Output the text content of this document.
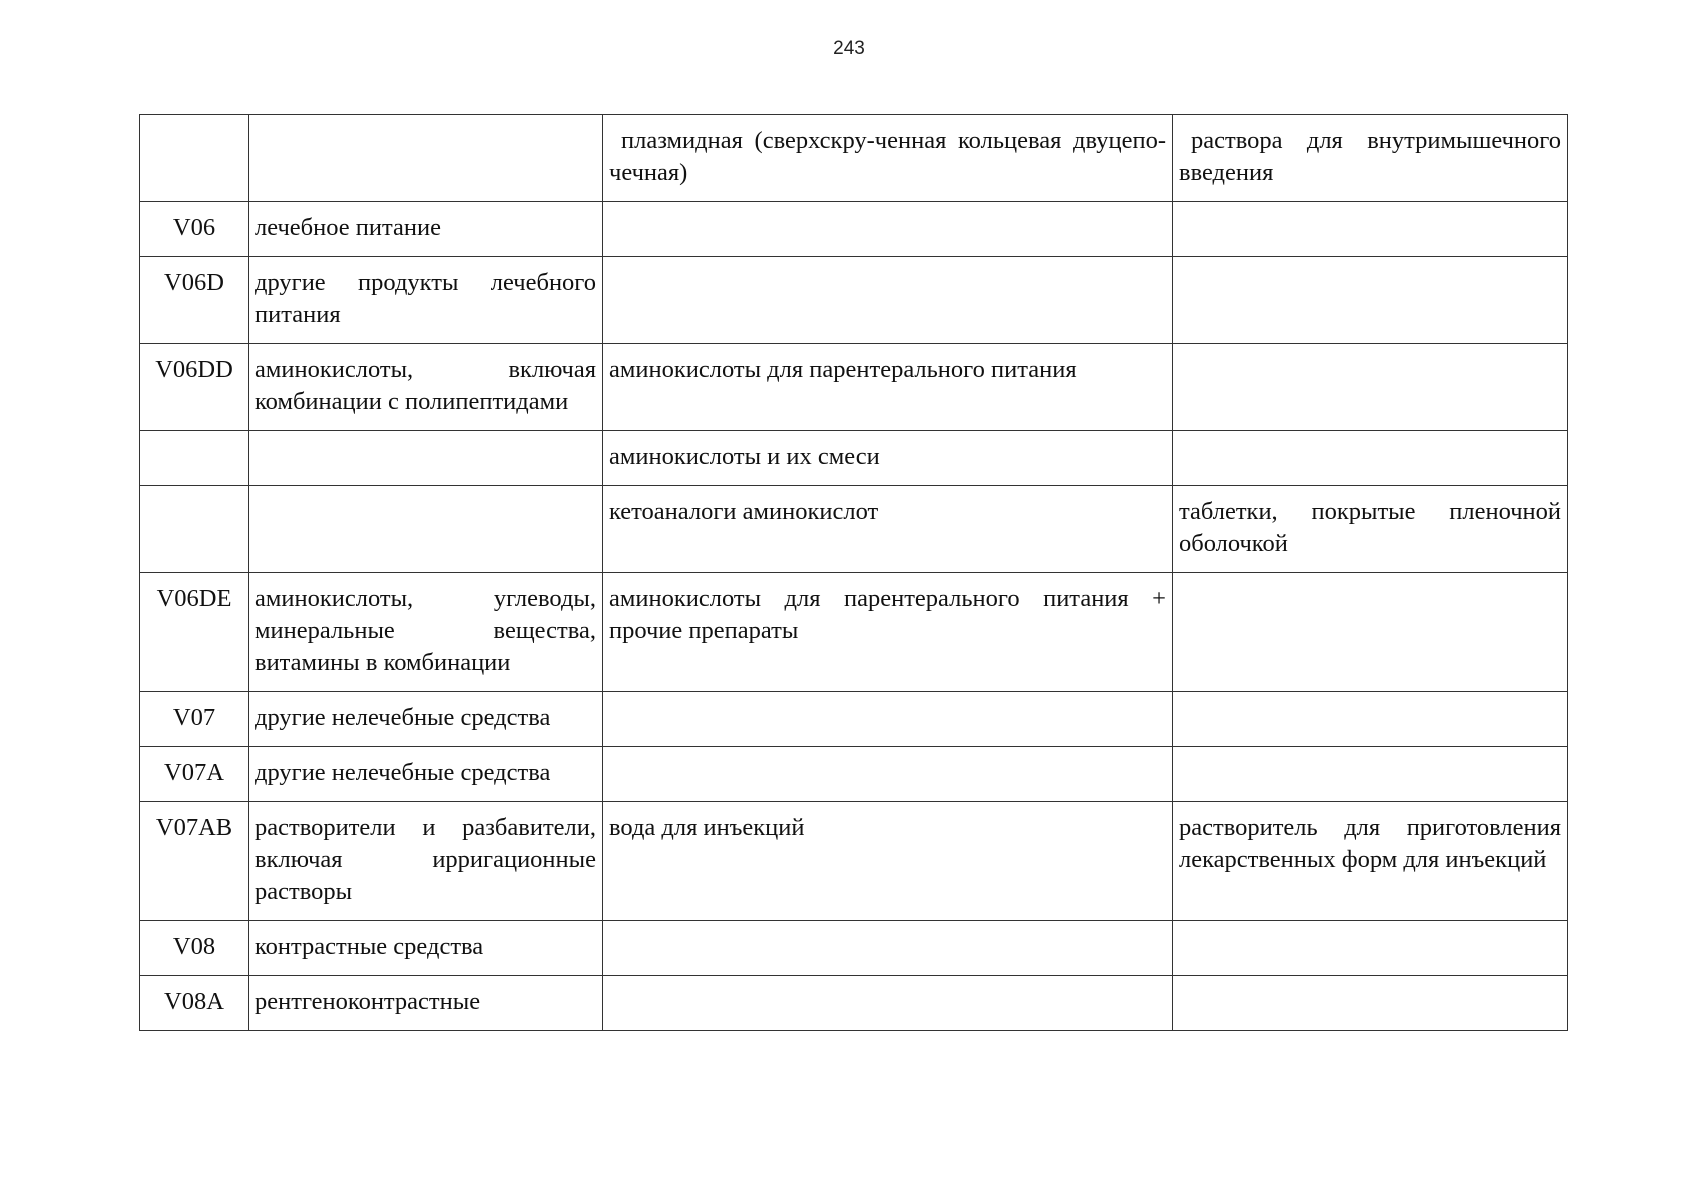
243
		плазмидная (сверхскру-ченная кольцевая двуцепо-чечная)	раствора для внутримышечного введения
V06	лечебное питание		
V06D	другие продукты лечебного питания		
V06DD	аминокислоты, включая комбинации с полипептидами	аминокислоты для парентерального питания	
		аминокислоты и их смеси	
		кетоаналоги аминокислот	таблетки, покрытые пленочной оболочкой
V06DE	аминокислоты, углеводы, минеральные вещества, витамины в комбинации	аминокислоты для парентерального питания + прочие препараты	
V07	другие нелечебные средства		
V07A	другие нелечебные средства		
V07AB	растворители и разбавители, включая ирригационные растворы	вода для инъекций	растворитель для приготовления лекарственных форм для инъекций
V08	контрастные средства		
V08A	рентгеноконтрастные		
